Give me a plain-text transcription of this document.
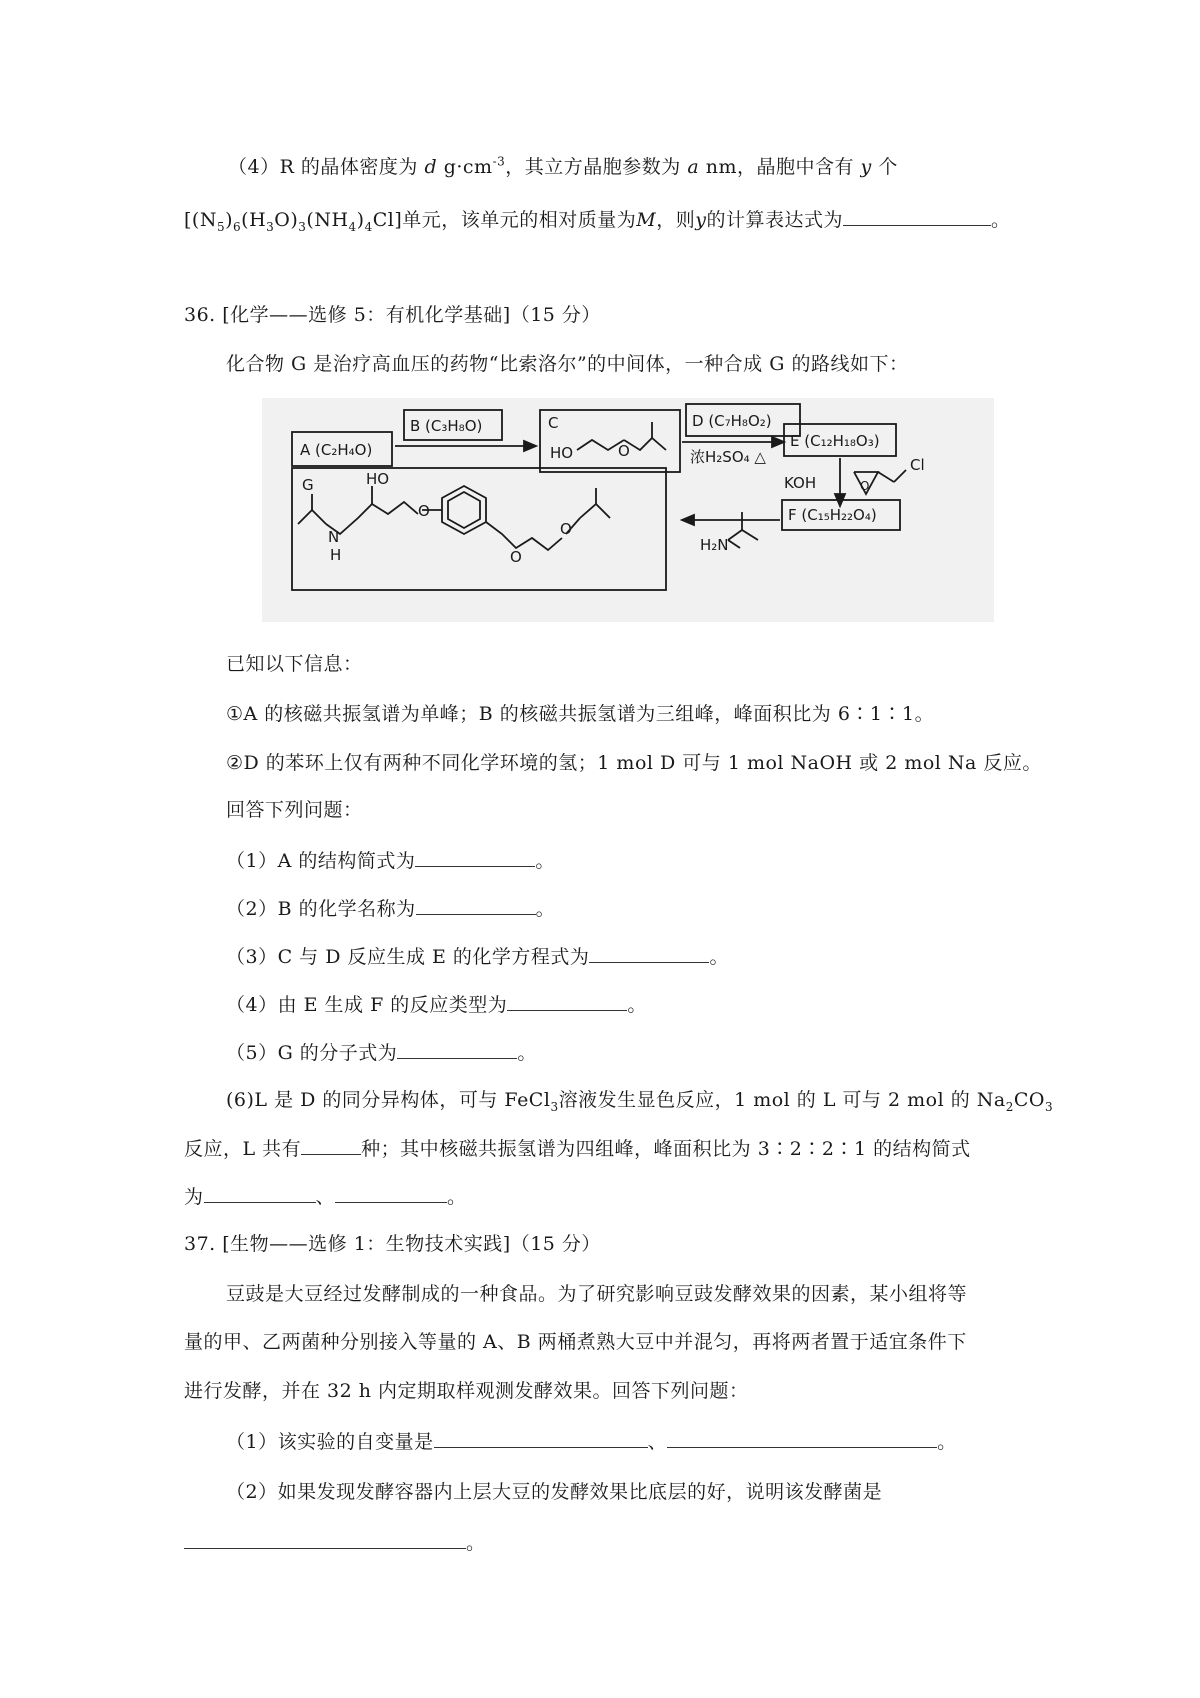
（4）R 的晶体密度为 d $g\cdot cm^{-3}$，其立方晶胞参数为 a nm，晶胞中含有 y 个
$[(N_5)_6(H_3O)_3(NH_4)_4Cl]$单元，该单元的相对质量为M，则y的计算表达式为	。
36. [化学——选修 5：有机化学基础]（15 分）
化合物 G 是治疗高血压的药物“比索洛尔”的中间体，一种合成 G 的路线如下：
A (C₂H₄O)
B (C₃H₈O)	C
HO	O
D (C₇H₈O₂)
浓H₂SO₄ △
E (C₁₂H₁₈O₃)
KOH
Cl
O
F (C₁₅H₂₂O₄)
H₂N
G	HO
N
H
O
O
O
已知以下信息：
①A 的核磁共振氢谱为单峰；B 的核磁共振氢谱为三组峰，峰面积比为 6∶1∶1。
②D 的苯环上仅有两种不同化学环境的氢；1 mol D 可与 1 mol NaOH 或 2 mol Na 反应。
回答下列问题：
（1）A 的结构简式为	。
（2）B 的化学名称为	。
（3）C 与 D 反应生成 E 的化学方程式为	。
（4）由 E 生成 F 的反应类型为	。
（5）G 的分子式为	。
(6)L 是 D 的同分异构体，可与 FeCl$_3$溶液发生显色反应，1 mol 的 L 可与 2 mol 的 $Na_2CO_3$
反应，L 共有	种；其中核磁共振氢谱为四组峰，峰面积比为 3∶2∶2∶1 的结构简式
为	、	。
37. [生物——选修 1：生物技术实践]（15 分）
豆豉是大豆经过发酵制成的一种食品。为了研究影响豆豉发酵效果的因素，某小组将等
量的甲、乙两菌种分别接入等量的 A、B 两桶煮熟大豆中并混匀，再将两者置于适宜条件下
进行发酵，并在 32 h 内定期取样观测发酵效果。回答下列问题：
（1）该实验的自变量是	、	。
（2）如果发现发酵容器内上层大豆的发酵效果比底层的好，说明该发酵菌是
。
